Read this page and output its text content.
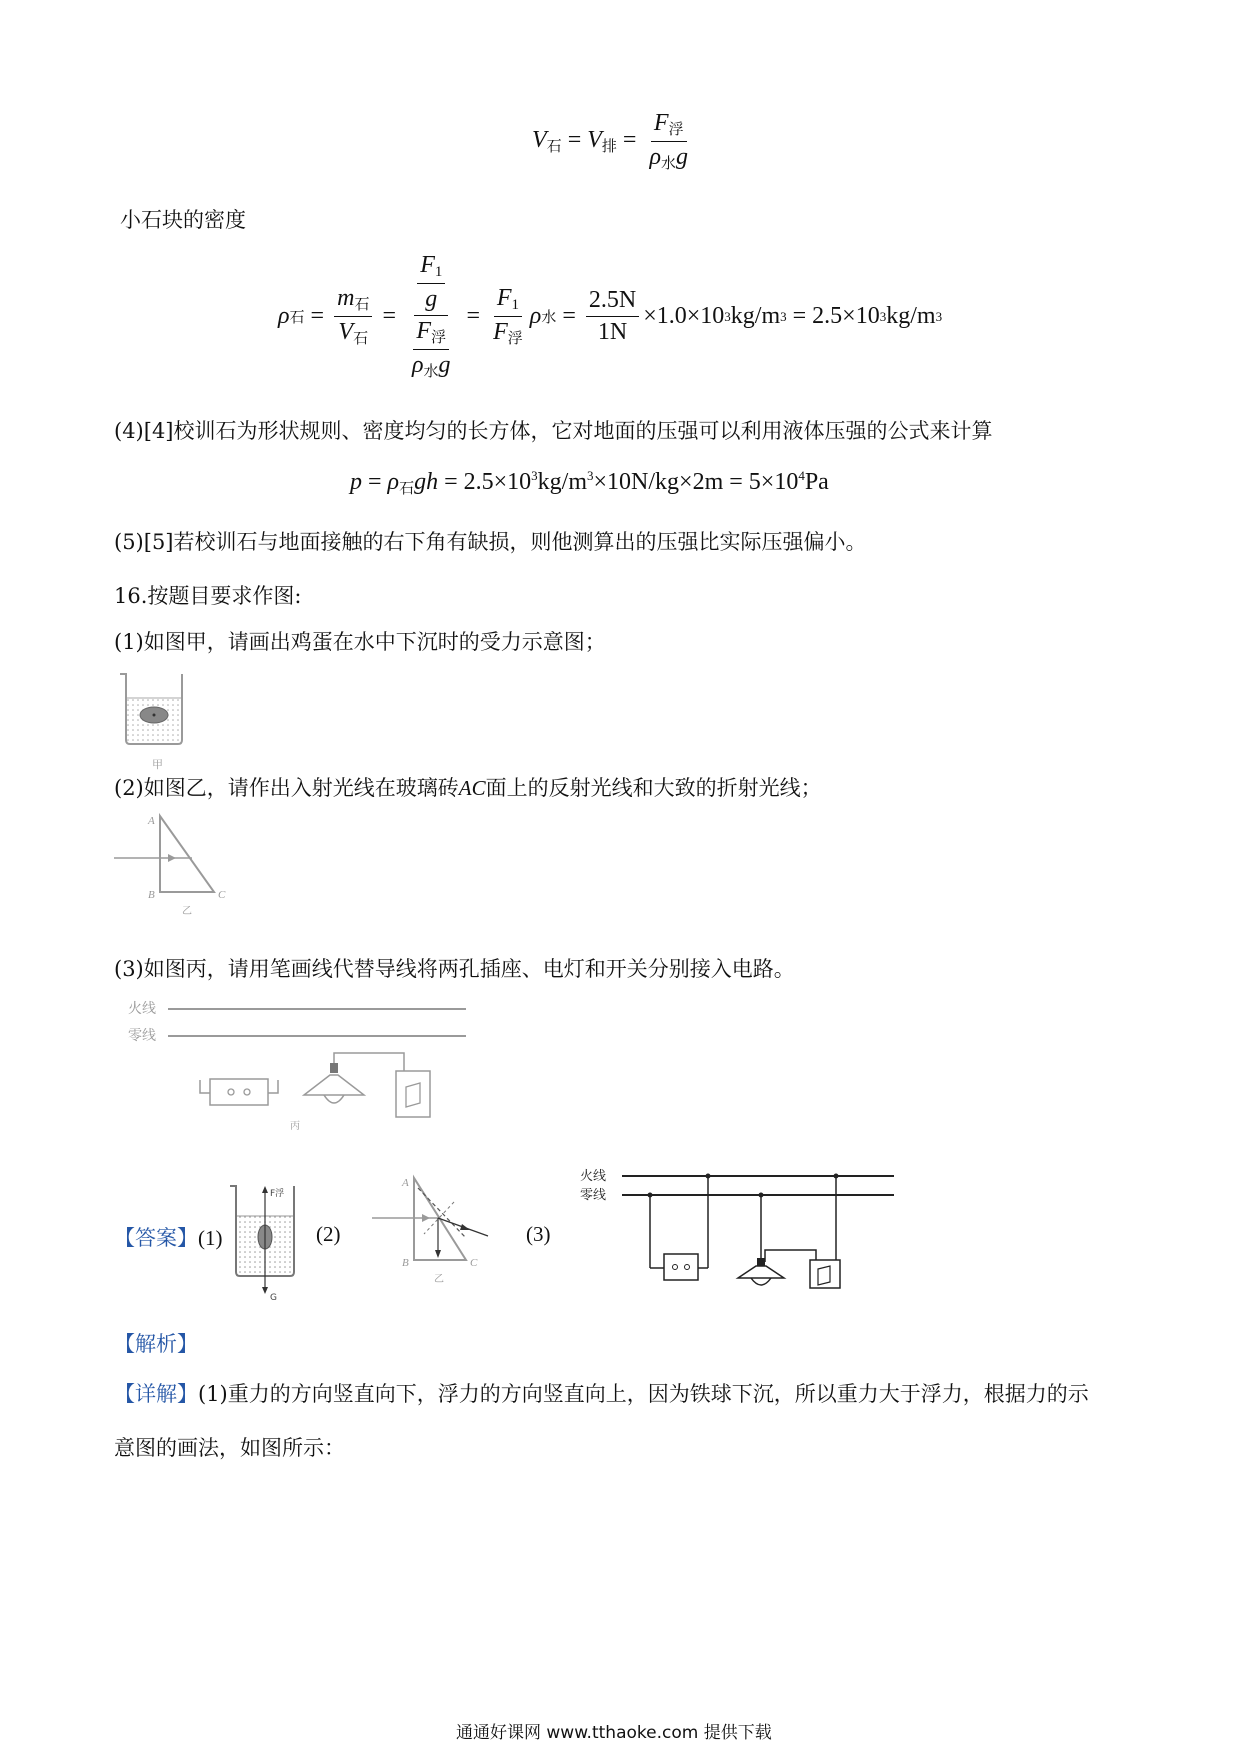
$V_石 = V_排 = \frac{F_浮}{\rho_水g}$
小石块的密度
ρ 石 = $\frac{m_石}{V_石} = \frac{\frac{F_1}{g}}{\frac{F_浮}{\rho_水g}} = \frac{F_1}{F_浮}$ ρ 水 = $\frac{2.5N}{1N} \times 1.0\times 10$ 3 kg/m 3 = 2.5×10 3 kg/m 3
(4)[4]校训石为形状规则、密度均匀的长方体，它对地面的压强可以利用液体压强的公式来计算
$p = \rho_石gh = 2.5\times 10^3kg/m^3\times 10N/kg\times 2m = 5\times 10^4Pa$
(5)[5]若校训石与地面接触的右下角有缺损，则他测算出的压强比实际压强偏小。
16.按题目要求作图:
(1)如图甲，请画出鸡蛋在水中下沉时的受力示意图；
甲
(2)如图乙，请作出入射光线在玻璃砖AC面上的反射光线和大致的折射光线；
A
B	C
乙
(3)如图丙，请用笔画线代替导线将两孔插座、电灯和开关分别接入电路。
火线
零线
丙
【答案】(1)
F浮
G
(2)
A
B	C
乙
(3)
火线
零线
【解析】
【详解】(1)重力的方向竖直向下，浮力的方向竖直向上，因为铁球下沉，所以重力大于浮力，根据力的示
意图的画法，如图所示：
通通好课网 www.tthaoke.com 提供下载
